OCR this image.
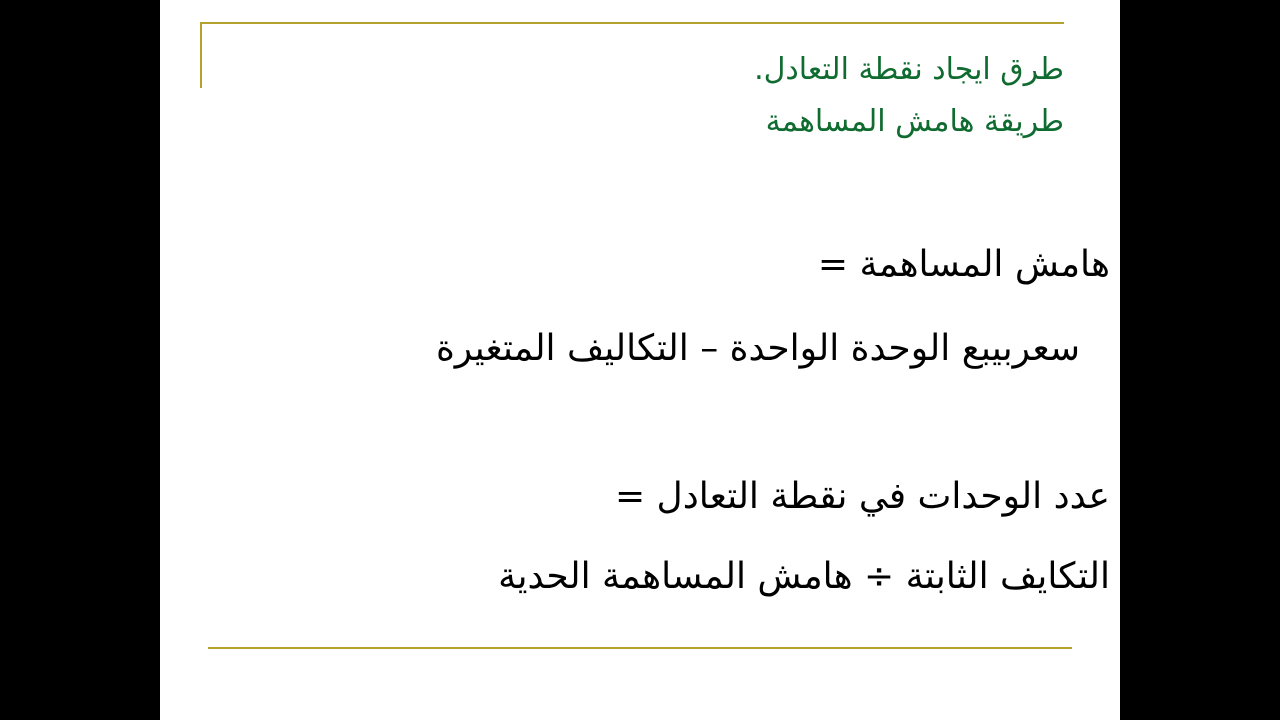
طرق ايجاد نقطة التعادل.
طريقة هامش المساهمة
هامش المساهمة =
سعربيبع الوحدة الواحدة – التكاليف المتغيرة
عدد الوحدات في نقطة التعادل =
التكايف الثابتة ÷ هامش المساهمة الحدية
